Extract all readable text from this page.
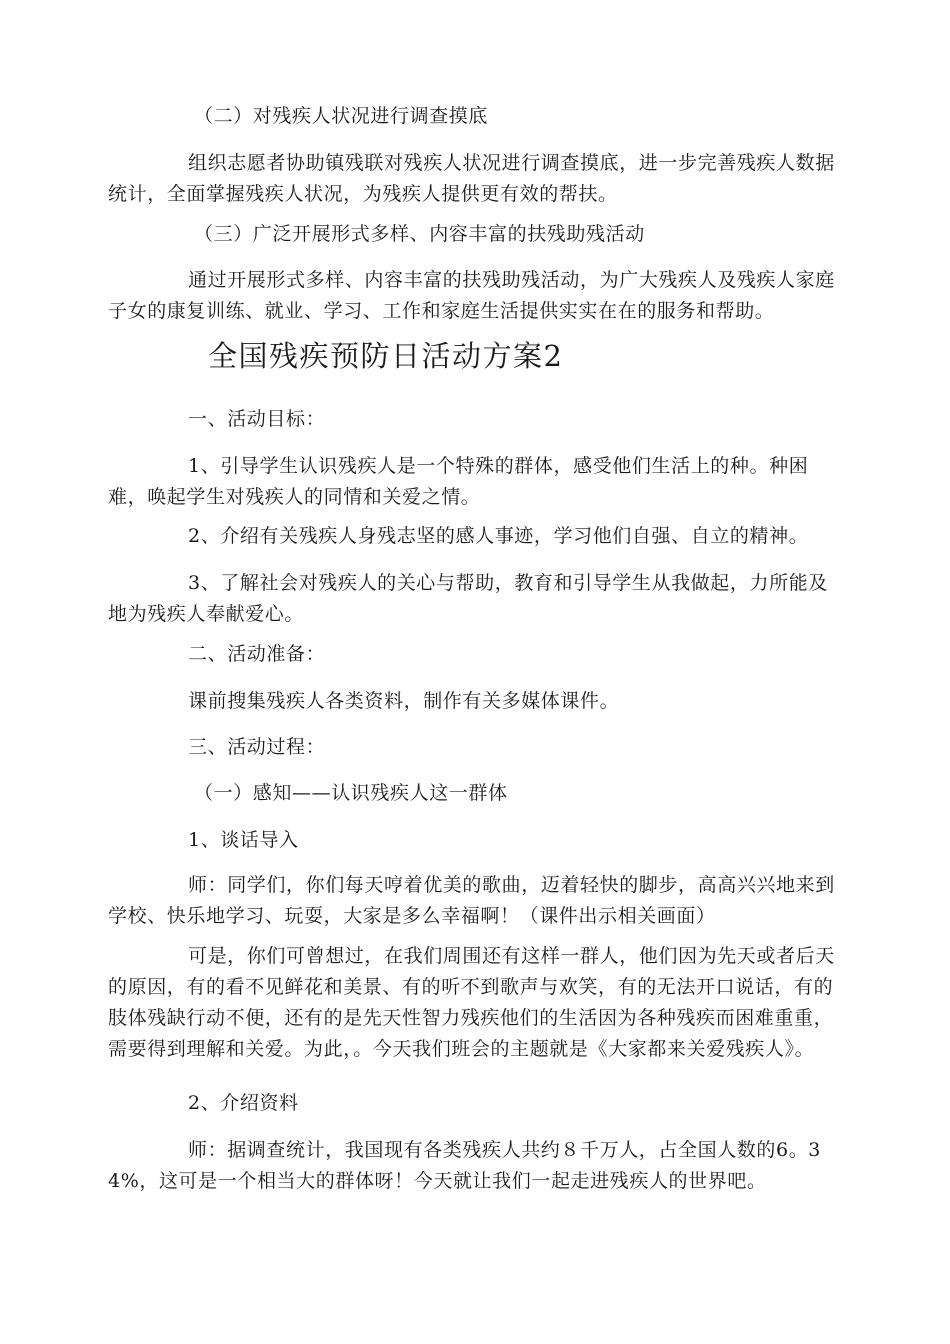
（二）对残疾人状况进行调查摸底

组织志愿者协助镇残联对残疾人状况进行调查摸底，进一步完善残疾人数据统计，全面掌握残疾人状况，为残疾人提供更有效的帮扶。

（三）广泛开展形式多样、内容丰富的扶残助残活动

通过开展形式多样、内容丰富的扶残助残活动，为广大残疾人及残疾人家庭子女的康复训练、就业、学习、工作和家庭生活提供实实在在的服务和帮助。

全国残疾预防日活动方案2

一、活动目标：

1、引导学生认识残疾人是一个特殊的群体，感受他们生活上的种。种困难，唤起学生对残疾人的同情和关爱之情。

2、介绍有关残疾人身残志坚的感人事迹，学习他们自强、自立的精神。

3、了解社会对残疾人的关心与帮助，教育和引导学生从我做起，力所能及地为残疾人奉献爱心。

二、活动准备：

课前搜集残疾人各类资料，制作有关多媒体课件。

三、活动过程：

（一）感知——认识残疾人这一群体

1、谈话导入

师：同学们，你们每天哼着优美的歌曲，迈着轻快的脚步，高高兴兴地来到学校、快乐地学习、玩耍，大家是多么幸福啊！（课件出示相关画面）

可是，你们可曾想过，在我们周围还有这样一群人，他们因为先天或者后天的原因，有的看不见鲜花和美景、有的听不到歌声与欢笑，有的无法开口说话，有的肢体残缺行动不便，还有的是先天性智力残疾他们的生活因为各种残疾而困难重重，需要得到理解和关爱。为此，。今天我们班会的主题就是《大家都来关爱残疾人》。

2、介绍资料

师：据调查统计，我国现有各类残疾人共约８千万人，占全国人数的6。34%，这可是一个相当大的群体呀！今天就让我们一起走进残疾人的世界吧。
